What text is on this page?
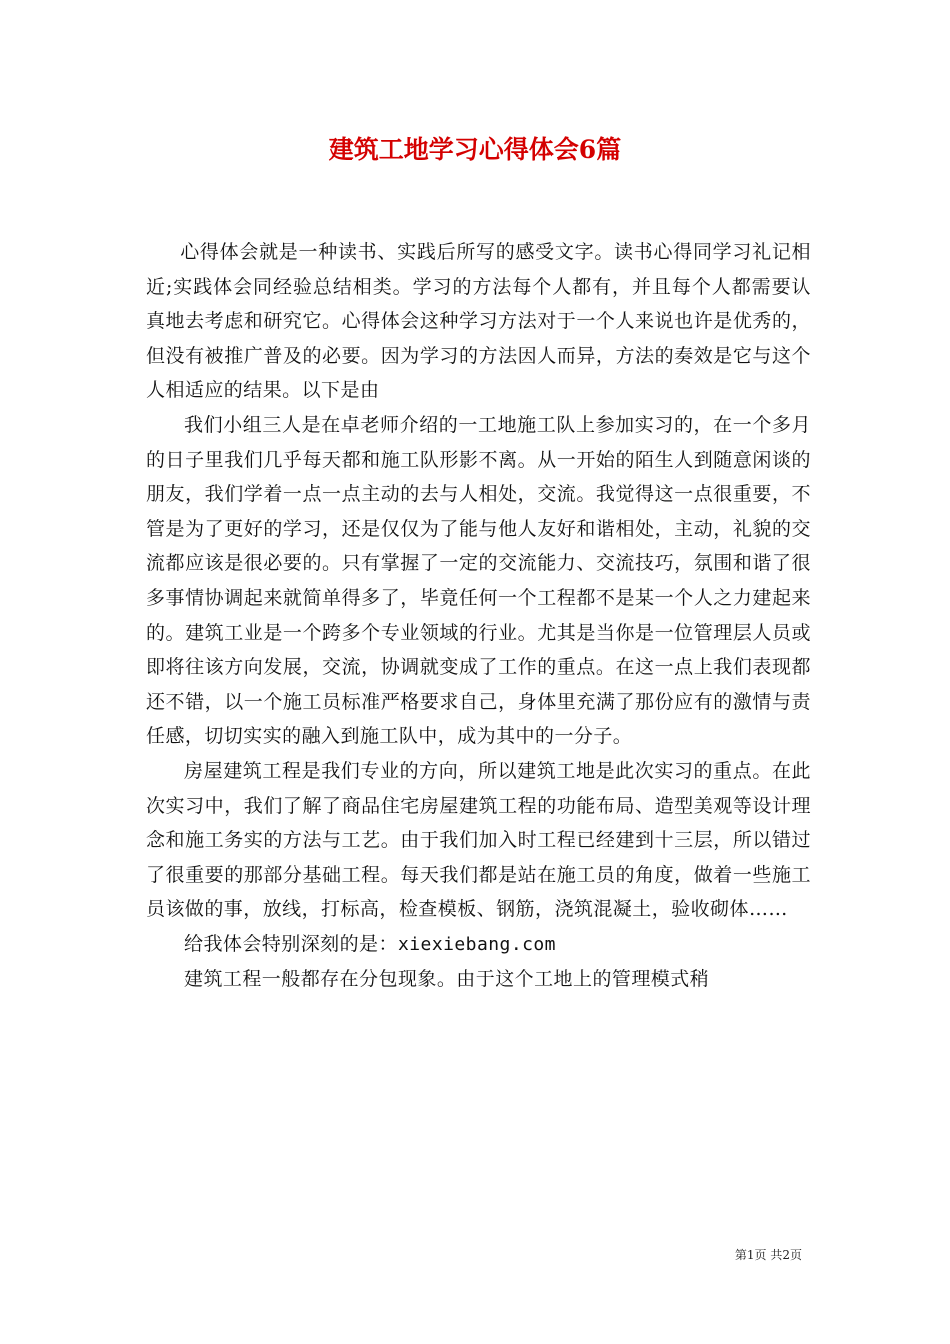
建筑工地学习心得体会6篇

心得体会就是一种读书、实践后所写的感受文字。读书心得同学习礼记相近;实践体会同经验总结相类。学习的方法每个人都有，并且每个人都需要认真地去考虑和研究它。心得体会这种学习方法对于一个人来说也许是优秀的，但没有被推广普及的必要。因为学习的方法因人而异，方法的奏效是它与这个人相适应的结果。以下是由

我们小组三人是在卓老师介绍的一工地施工队上参加实习的，在一个多月的日子里我们几乎每天都和施工队形影不离。从一开始的陌生人到随意闲谈的朋友，我们学着一点一点主动的去与人相处，交流。我觉得这一点很重要，不管是为了更好的学习，还是仅仅为了能与他人友好和谐相处，主动，礼貌的交流都应该是很必要的。只有掌握了一定的交流能力、交流技巧，氛围和谐了很多事情协调起来就简单得多了，毕竟任何一个工程都不是某一个人之力建起来的。建筑工业是一个跨多个专业领域的行业。尤其是当你是一位管理层人员或即将往该方向发展，交流，协调就变成了工作的重点。在这一点上我们表现都还不错，以一个施工员标准严格要求自己，身体里充满了那份应有的激情与责任感，切切实实的融入到施工队中，成为其中的一分子。

房屋建筑工程是我们专业的方向，所以建筑工地是此次实习的重点。在此次实习中，我们了解了商品住宅房屋建筑工程的功能布局、造型美观等设计理念和施工务实的方法与工艺。由于我们加入时工程已经建到十三层，所以错过了很重要的那部分基础工程。每天我们都是站在施工员的角度，做着一些施工员该做的事，放线，打标高，检查模板、钢筋，浇筑混凝土，验收砌体……

给我体会特别深刻的是：xiexiebang.com

建筑工程一般都存在分包现象。由于这个工地上的管理模式稍

第1页 共2页
